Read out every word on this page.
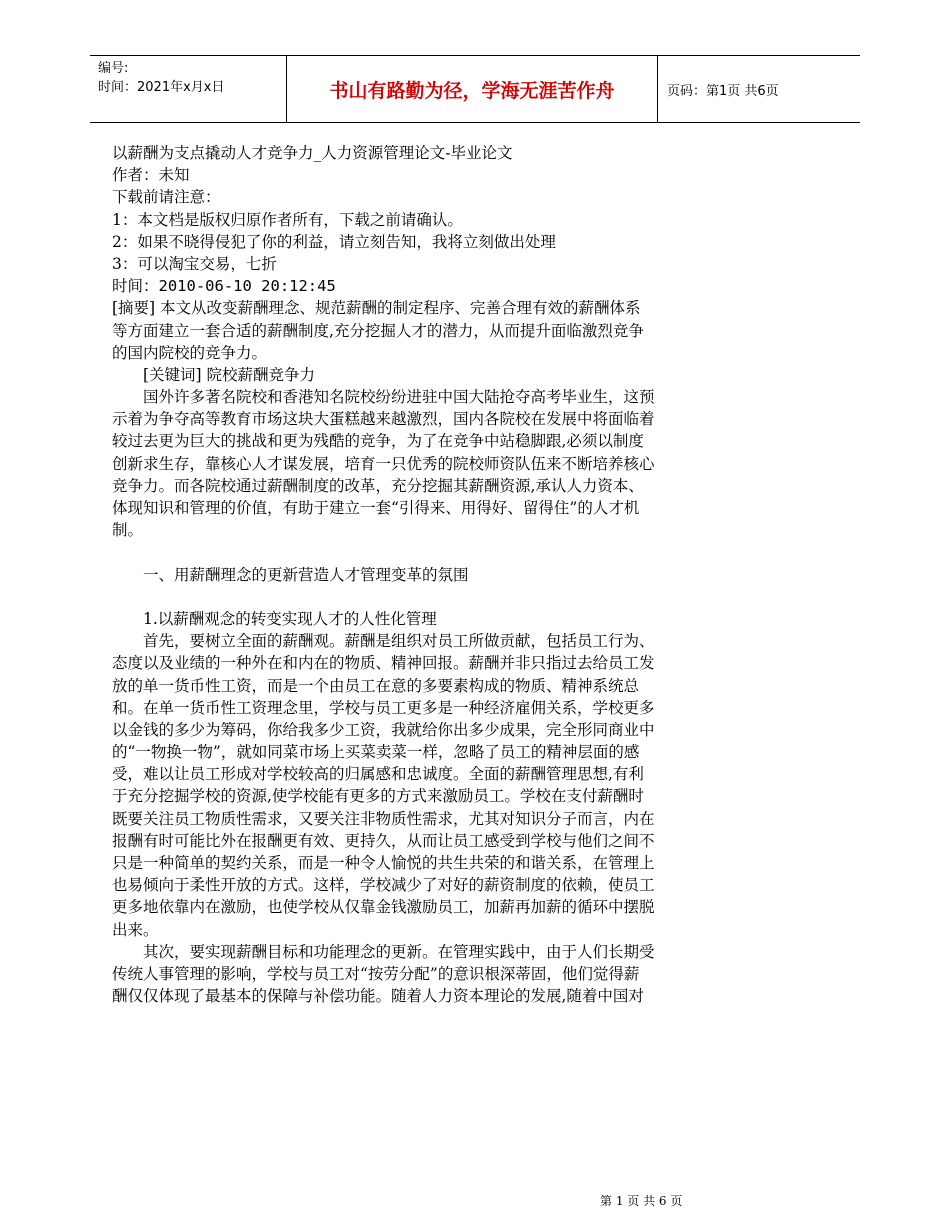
编号:
时间：2021年x月x日	书山有路勤为径，学海无涯苦作舟	页码：第1页 共6页
以薪酬为支点撬动人才竞争力_人力资源管理论文-毕业论文
作者：未知
下载前请注意：
1：本文档是版权归原作者所有，下载之前请确认。
2：如果不晓得侵犯了你的利益，请立刻告知，我将立刻做出处理
3：可以淘宝交易，七折
时间：2010-06-10 20:12:45
[摘要] 本文从改变薪酬理念、规范薪酬的制定程序、完善合理有效的薪酬体系
等方面建立一套合适的薪酬制度,充分挖掘人才的潜力，从而提升面临激烈竞争
的国内院校的竞争力。
[关键词] 院校薪酬竞争力
国外许多著名院校和香港知名院校纷纷进驻中国大陆抢夺高考毕业生，这预
示着为争夺高等教育市场这块大蛋糕越来越激烈，国内各院校在发展中将面临着
较过去更为巨大的挑战和更为残酷的竞争，为了在竞争中站稳脚跟,必须以制度
创新求生存，靠核心人才谋发展，培育一只优秀的院校师资队伍来不断培养核心
竞争力。而各院校通过薪酬制度的改革，充分挖掘其薪酬资源,承认人力资本、
体现知识和管理的价值，有助于建立一套“引得来、用得好、留得住”的人才机
制。
一、用薪酬理念的更新营造人才管理变革的氛围
1.以薪酬观念的转变实现人才的人性化管理
首先，要树立全面的薪酬观。薪酬是组织对员工所做贡献，包括员工行为、
态度以及业绩的一种外在和内在的物质、精神回报。薪酬并非只指过去给员工发
放的单一货币性工资，而是一个由员工在意的多要素构成的物质、精神系统总
和。在单一货币性工资理念里，学校与员工更多是一种经济雇佣关系，学校更多
以金钱的多少为筹码，你给我多少工资，我就给你出多少成果，完全形同商业中
的“一物换一物”，就如同菜市场上买菜卖菜一样，忽略了员工的精神层面的感
受，难以让员工形成对学校较高的归属感和忠诚度。全面的薪酬管理思想,有利
于充分挖掘学校的资源,使学校能有更多的方式来激励员工。学校在支付薪酬时
既要关注员工物质性需求，又要关注非物质性需求，尤其对知识分子而言，内在
报酬有时可能比外在报酬更有效、更持久，从而让员工感受到学校与他们之间不
只是一种简单的契约关系，而是一种令人愉悦的共生共荣的和谐关系，在管理上
也易倾向于柔性开放的方式。这样，学校减少了对好的薪资制度的依赖，使员工
更多地依靠内在激励，也使学校从仅靠金钱激励员工，加薪再加薪的循环中摆脱
出来。
其次，要实现薪酬目标和功能理念的更新。在管理实践中，由于人们长期受
传统人事管理的影响，学校与员工对“按劳分配”的意识根深蒂固，他们觉得薪
酬仅仅体现了最基本的保障与补偿功能。随着人力资本理论的发展,随着中国对
第 1 页 共 6 页
